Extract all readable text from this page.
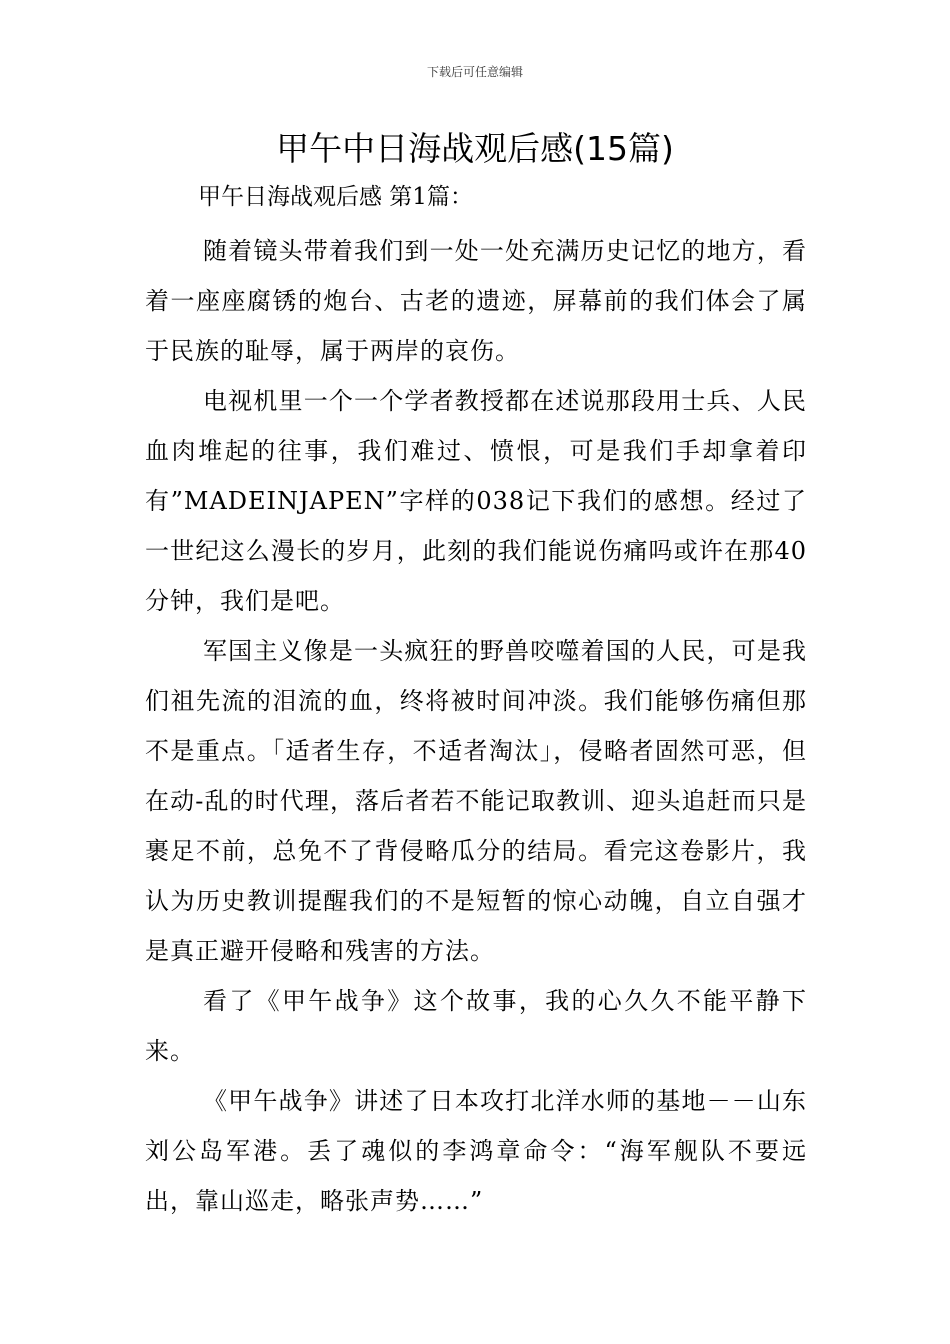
下载后可任意编辑
甲午中日海战观后感(15篇)
甲午日海战观后感 第1篇：

随着镜头带着我们到一处一处充满历史记忆的地方，看着一座座腐锈的炮台、古老的遗迹，屏幕前的我们体会了属于民族的耻辱，属于两岸的哀伤。

电视机里一个一个学者教授都在述说那段用士兵、人民血肉堆起的往事，我们难过、愤恨，可是我们手却拿着印有”MADEINJAPEN”字样的038记下我们的感想。经过了一世纪这么漫长的岁月，此刻的我们能说伤痛吗或许在那40分钟，我们是吧。

军国主义像是一头疯狂的野兽咬噬着国的人民，可是我们祖先流的泪流的血，终将被时间冲淡。我们能够伤痛但那不是重点。「适者生存，不适者淘汰」，侵略者固然可恶，但在动-乱的时代理，落后者若不能记取教训、迎头追赶而只是裹足不前，总免不了背侵略瓜分的结局。看完这卷影片，我认为历史教训提醒我们的不是短暂的惊心动魄，自立自强才是真正避开侵略和残害的方法。

看了《甲午战争》这个故事，我的心久久不能平静下来。

《甲午战争》讲述了日本攻打北洋水师的基地－－山东刘公岛军港。丢了魂似的李鸿章命令：“海军舰队不要远出，靠山巡走，略张声势……”
